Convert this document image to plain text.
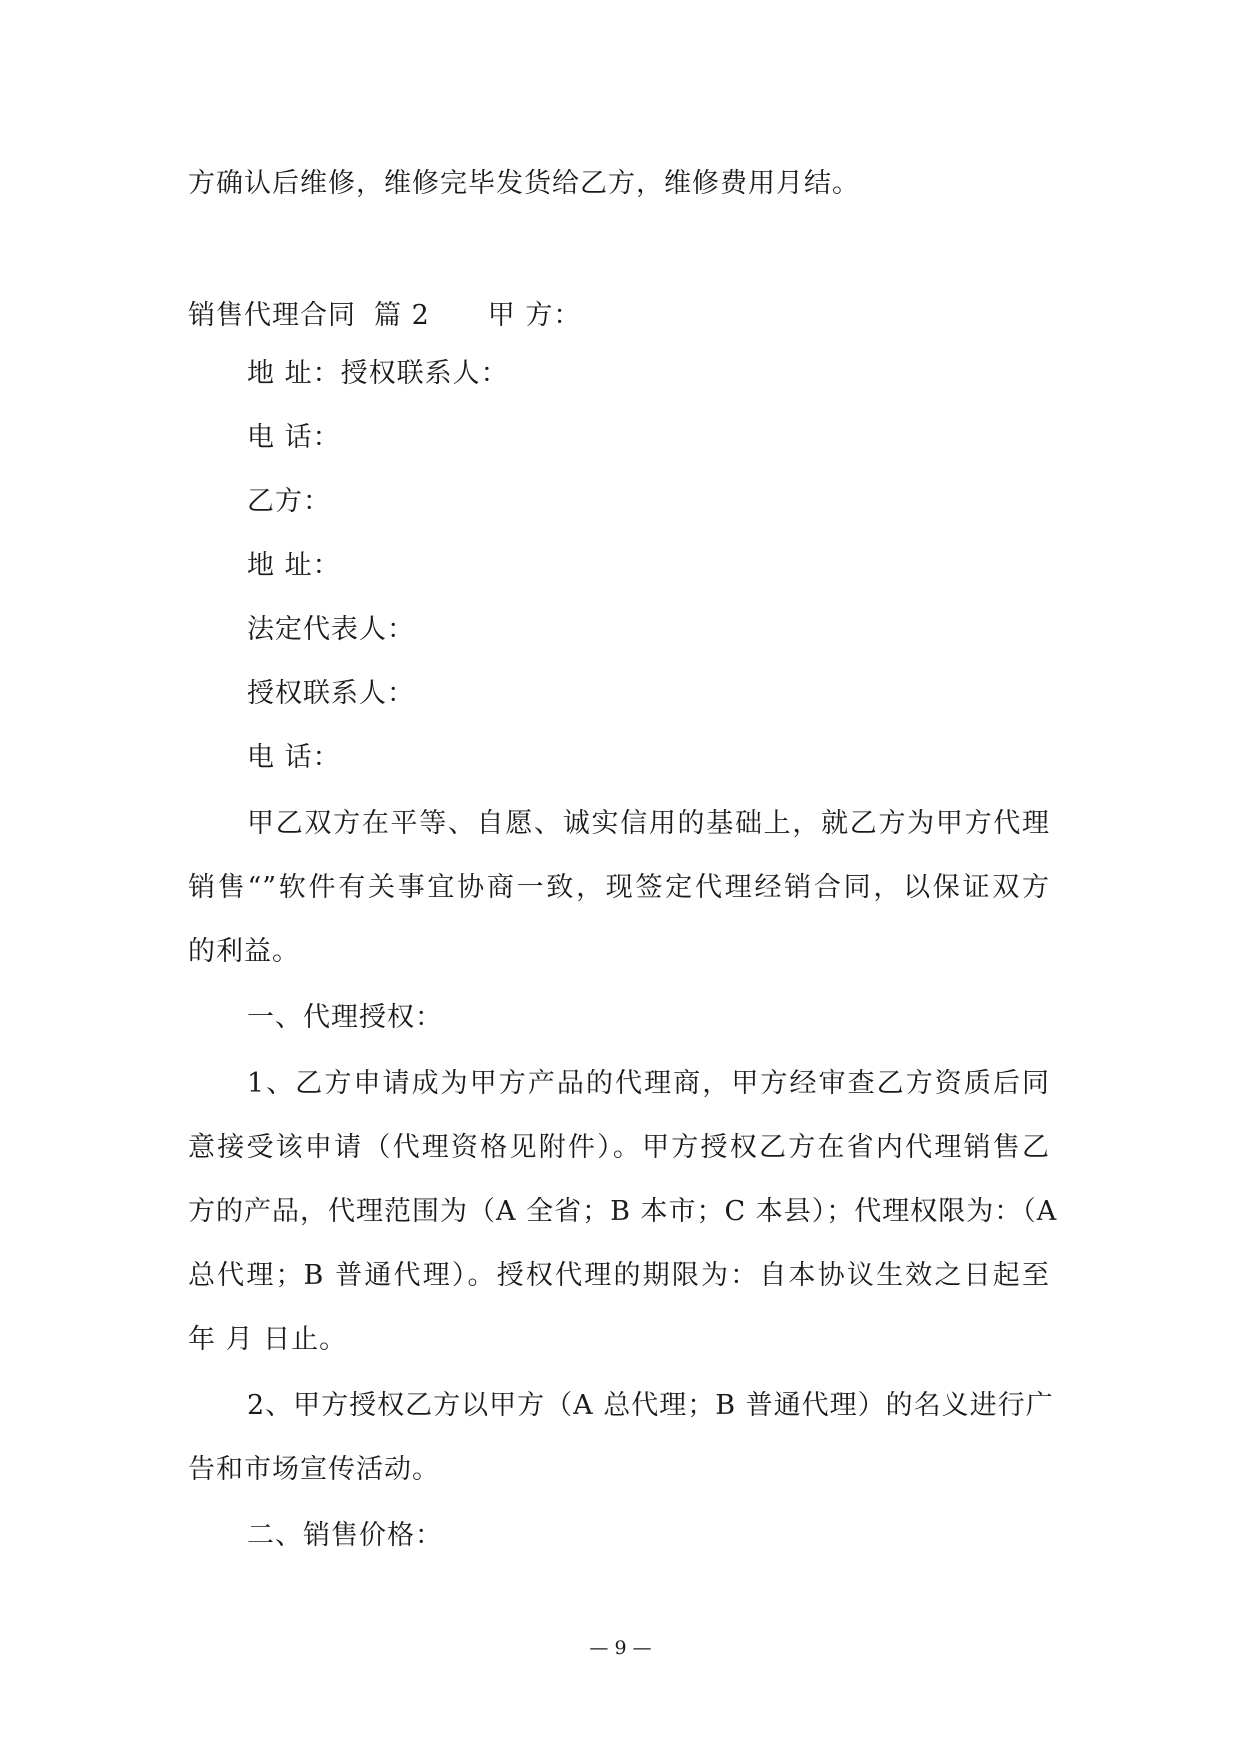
方确认后维修，维修完毕发货给乙方，维修费用月结。
销售代理合同 篇 2 甲 方：
地 址：授权联系人：
电 话：
乙方：
地 址：
法定代表人：
授权联系人：
电 话：
甲乙双方在平等、自愿、诚实信用的基础上，就乙方为甲方代理
销售“”软件有关事宜协商一致，现签定代理经销合同，以保证双方
的利益。
一、代理授权：
1、乙方申请成为甲方产品的代理商，甲方经审查乙方资质后同
意接受该申请（代理资格见附件）。甲方授权乙方在省内代理销售乙
方的产品，代理范围为（A 全省；B 本市；C 本县）；代理权限为：（A
总代理；B 普通代理）。授权代理的期限为：自本协议生效之日起至
年 月 日止。
2、甲方授权乙方以甲方（A 总代理；B 普通代理）的名义进行广
告和市场宣传活动。
二、销售价格：
— 9 —
